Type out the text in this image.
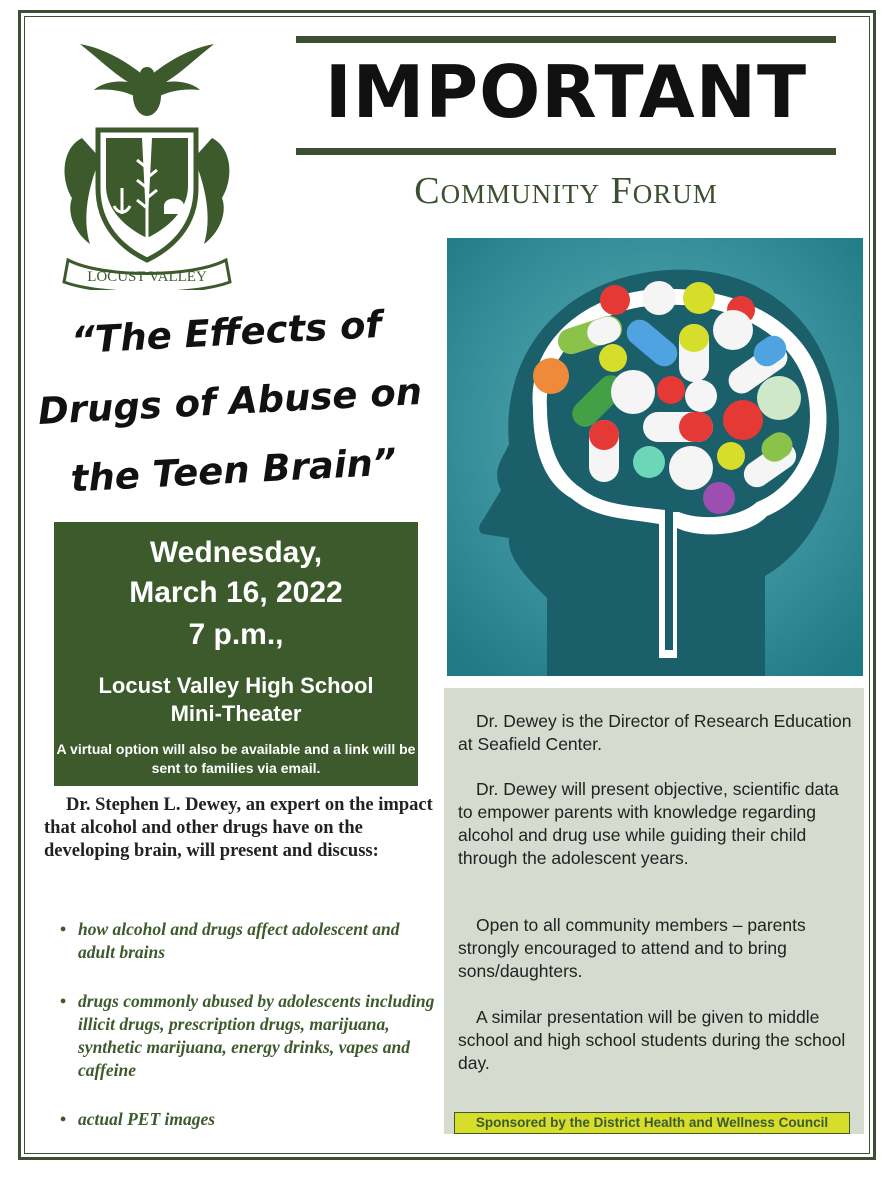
LOCUST VALLEY
IMPORTANT
Community Forum
“The Effects of
Drugs of Abuse on
the Teen Brain”
Wednesday,
March 16, 2022
7 p.m.,
Locust Valley High School
Mini-Theater
A virtual option will also be available and a link will be sent to families via email.
Dr. Stephen L. Dewey, an expert on the impact that alcohol and other drugs have on the developing brain, will present and discuss:
• how alcohol and drugs affect adolescent and adult brains
• drugs commonly abused by adolescents including illicit drugs, prescription drugs, marijuana, synthetic marijuana, energy drinks, vapes and caffeine
• actual PET images
Dr. Dewey is the Director of Research Education at Seafield Center.
Dr. Dewey will present objective, scientific data to empower parents with knowledge regarding alcohol and drug use while guiding their child through the adolescent years.
Open to all community members – parents strongly encouraged to attend and to bring sons/daughters.
A similar presentation will be given to middle school and high school students during the school day.
Sponsored by the District Health and Wellness Council
